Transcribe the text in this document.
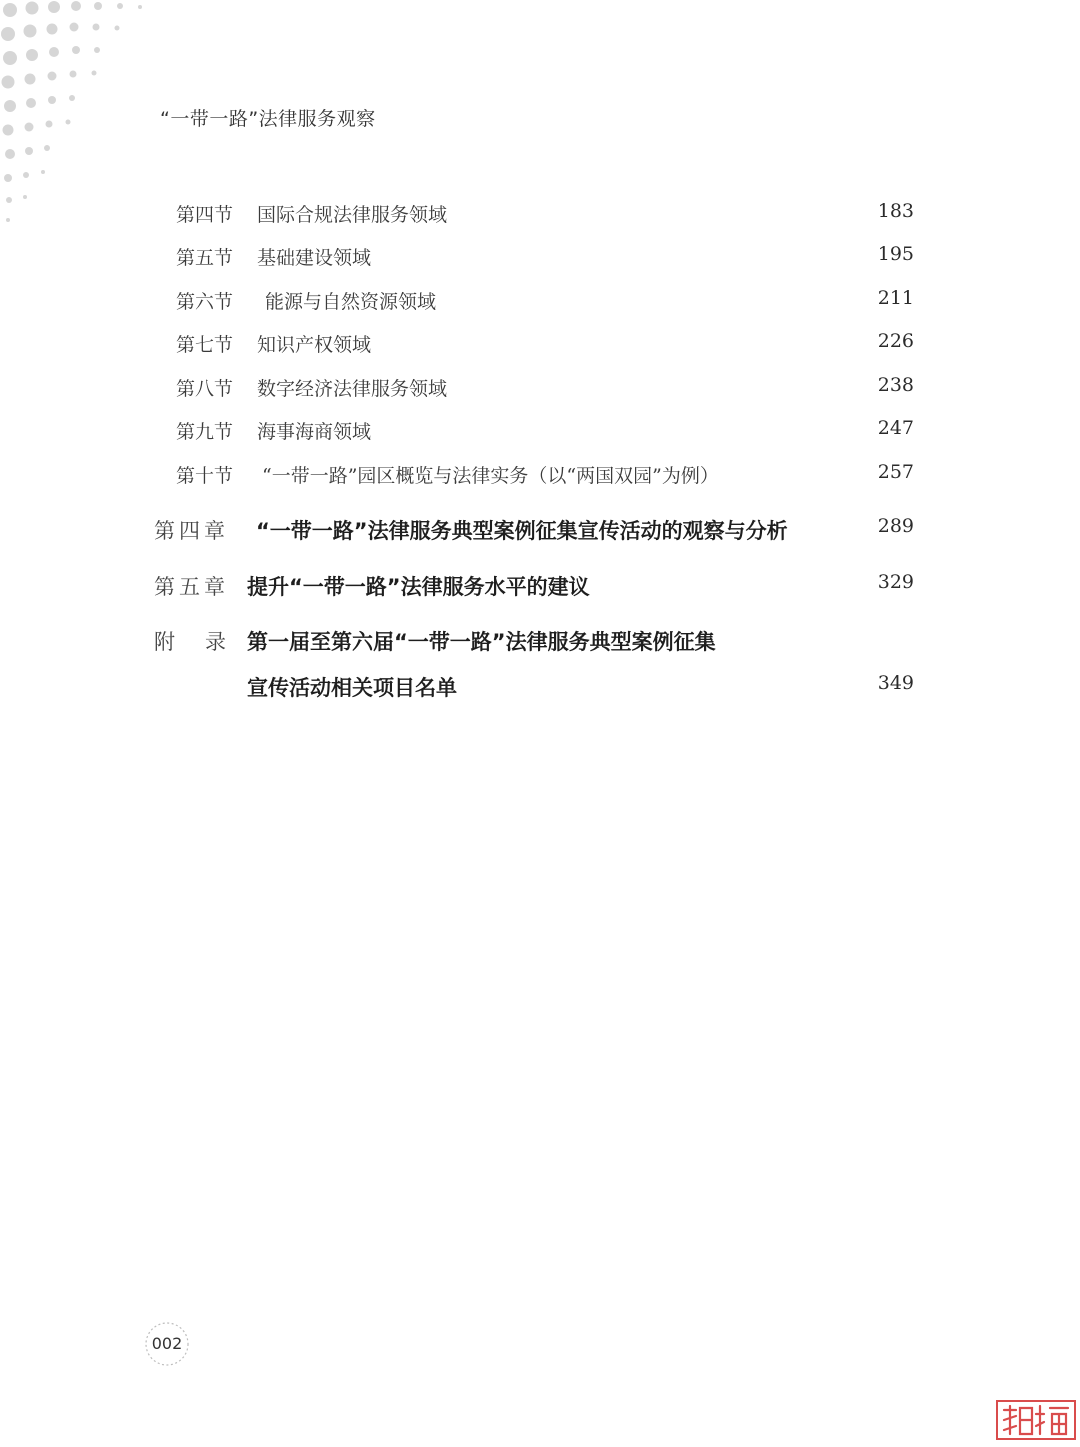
“一带一路”法律服务观察
第四节 国际合规法律服务领域	183
第五节 基础建设领域	195
第六节 能源与自然资源领域	211
第七节 知识产权领域	226
第八节 数字经济法律服务领域	238
第九节 海事海商领域	247
第十节 “一带一路”园区概览与法律实务（以“两国双园”为例）	257
第四章 “一带一路”法律服务典型案例征集宣传活动的观察与分析	289
第五章 提升“一带一路”法律服务水平的建议	329
附录
第一届至第六届“一带一路”法律服务典型案例征集
宣传活动相关项目名单	349
002
